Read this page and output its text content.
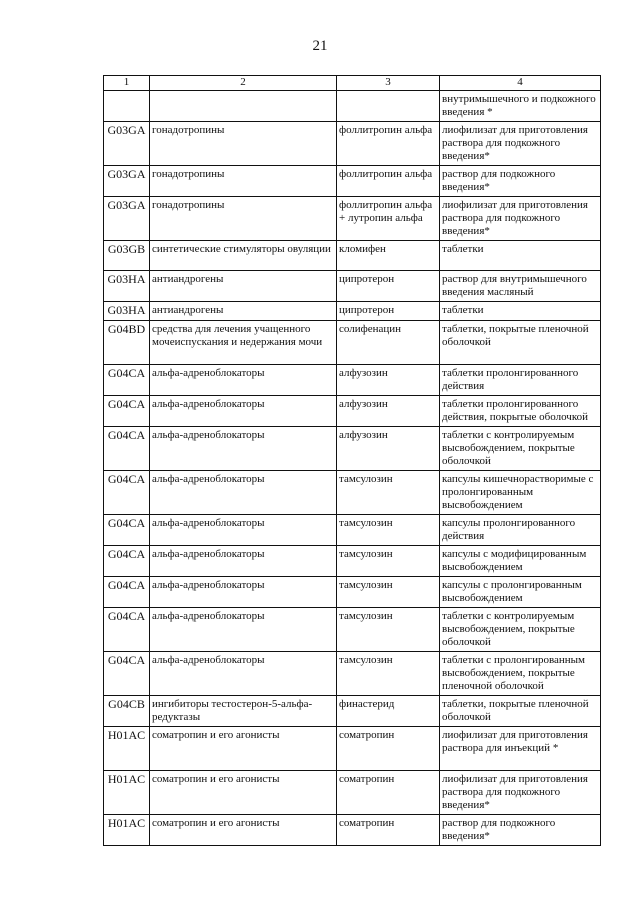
21
1	2	3	4
			внутримышечного и подкожного введения *
G03GA	гонадотропины	фоллитропин альфа	лиофилизат для приготовления раствора для подкожного введения*
G03GA	гонадотропины	фоллитропин альфа	раствор для подкожного введения*
G03GA	гонадотропины	фоллитропин альфа + лутропин альфа	лиофилизат для приготовления раствора для подкожного введения*
G03GB	синтетические стимуляторы овуляции	кломифен	таблетки
G03HA	антиандрогены	ципротерон	раствор для внутримышечного введения масляный
G03HA	антиандрогены	ципротерон	таблетки
G04BD	средства для лечения учащенного мочеиспускания и недержания мочи	солифенацин	таблетки, покрытые пленочной оболочкой
G04CA	альфа-адреноблокаторы	алфузозин	таблетки пролонгированного действия
G04CA	альфа-адреноблокаторы	алфузозин	таблетки пролонгированного действия, покрытые оболочкой
G04CA	альфа-адреноблокаторы	алфузозин	таблетки с контролируемым высвобождением, покрытые оболочкой
G04CA	альфа-адреноблокаторы	тамсулозин	капсулы кишечнорастворимые с пролонгированным высвобождением
G04CA	альфа-адреноблокаторы	тамсулозин	капсулы пролонгированного действия
G04CA	альфа-адреноблокаторы	тамсулозин	капсулы с модифицированным высвобождением
G04CA	альфа-адреноблокаторы	тамсулозин	капсулы с пролонгированным высвобождением
G04CA	альфа-адреноблокаторы	тамсулозин	таблетки с контролируемым высвобождением, покрытые оболочкой
G04CA	альфа-адреноблокаторы	тамсулозин	таблетки с пролонгированным высвобождением, покрытые пленочной оболочкой
G04CB	ингибиторы тестостерон-5-альфа-редуктазы	финастерид	таблетки, покрытые пленочной оболочкой
H01AC	соматропин и его агонисты	соматропин	лиофилизат для приготовления раствора для инъекций *
H01AC	соматропин и его агонисты	соматропин	лиофилизат для приготовления раствора для подкожного введения*
H01AC	соматропин и его агонисты	соматропин	раствор для подкожного введения*
